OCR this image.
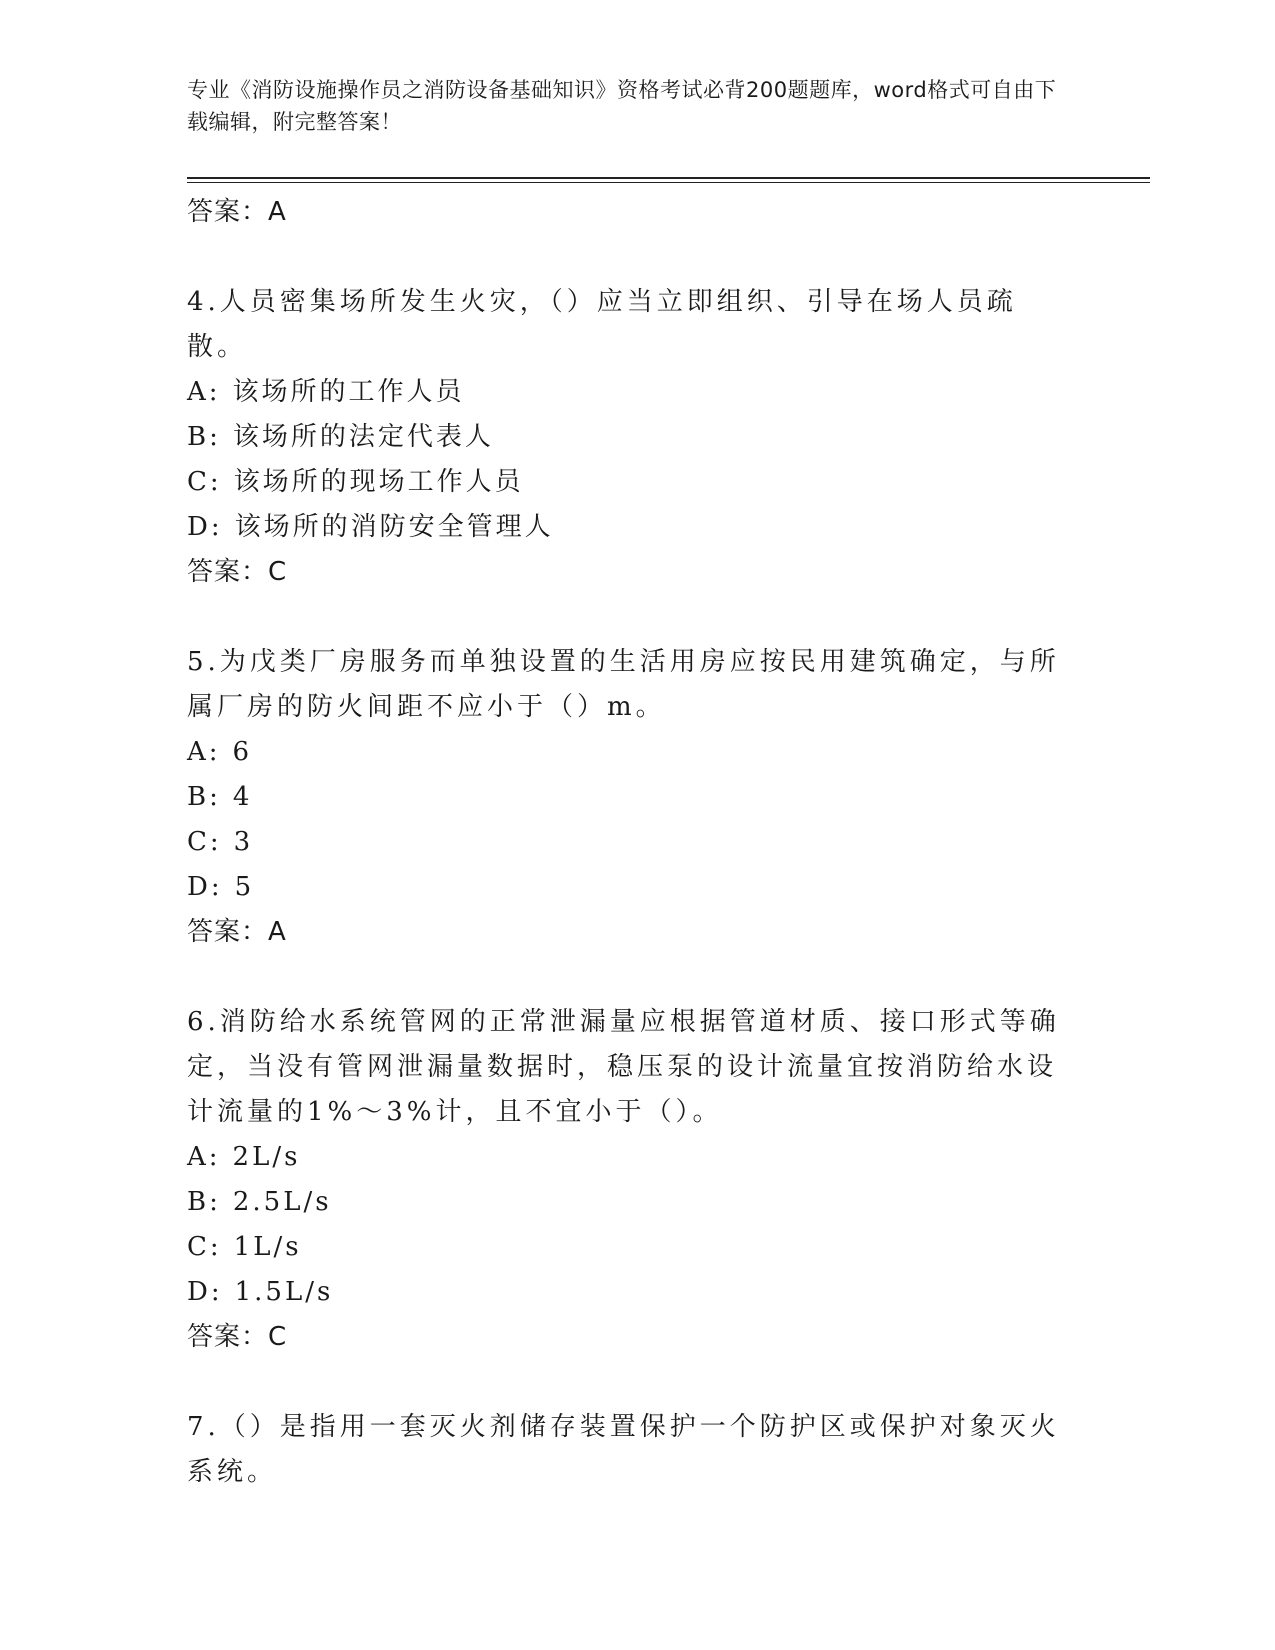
专业《消防设施操作员之消防设备基础知识》资格考试必背200题题库，word格式可自由下载编辑，附完整答案！
答案：A
4.人员密集场所发生火灾，（）应当立即组织、引导在场人员疏散。
A: 该场所的工作人员
B: 该场所的法定代表人
C: 该场所的现场工作人员
D: 该场所的消防安全管理人
答案：C
5.为戊类厂房服务而单独设置的生活用房应按民用建筑确定，与所属厂房的防火间距不应小于（）m。
A: 6
B: 4
C: 3
D: 5
答案：A
6.消防给水系统管网的正常泄漏量应根据管道材质、接口形式等确定，当没有管网泄漏量数据时，稳压泵的设计流量宜按消防给水设计流量的1%～3%计，且不宜小于（）。
A: 2L/s
B: 2.5L/s
C: 1L/s
D: 1.5L/s
答案：C
7.（）是指用一套灭火剂储存装置保护一个防护区或保护对象灭火系统。
